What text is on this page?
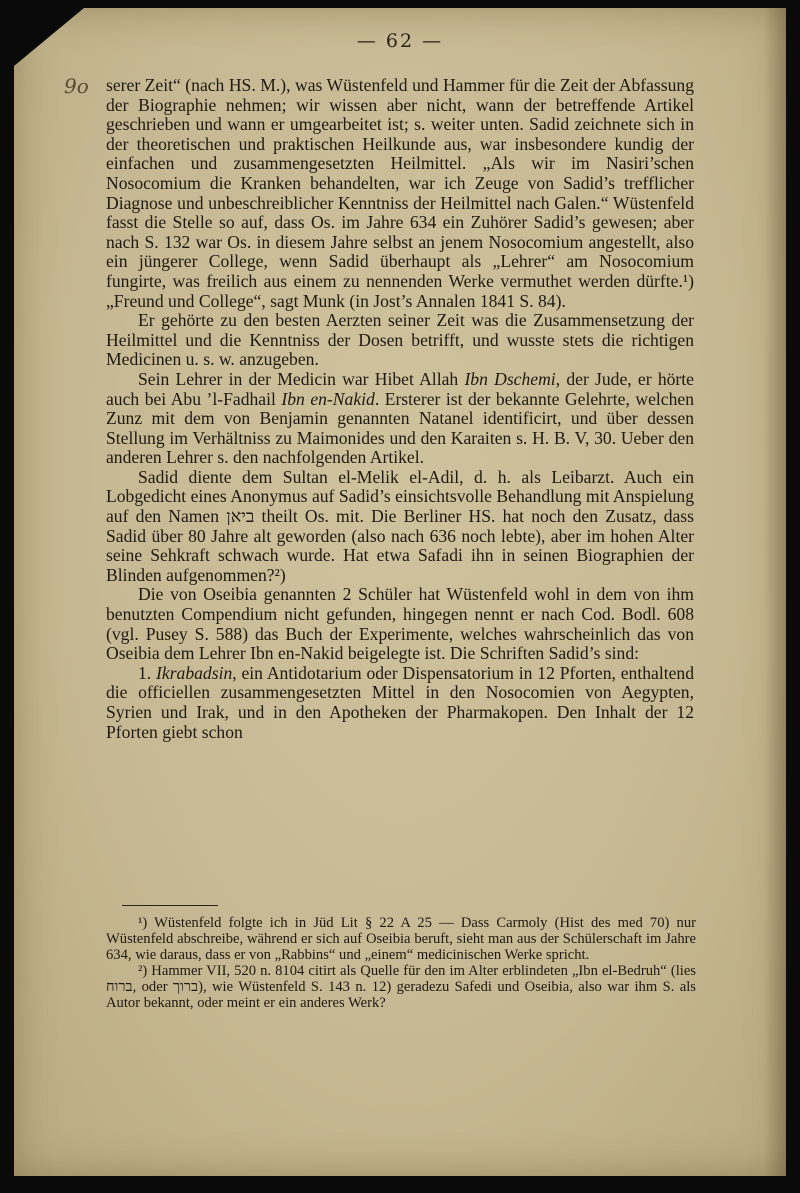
— 62 —
9o serer Zeit“ (nach HS. M.), was Wüstenfeld und Hammer für die Zeit der Abfassung der Biographie nehmen; wir wissen aber nicht, wann der betreffende Artikel geschrieben und wann er umgearbeitet ist; s. weiter unten. Sadid zeichnete sich in der theoretischen und praktischen Heilkunde aus, war insbesondere kundig der einfachen und zusammengesetzten Heilmittel. „Als wir im Nasiri’schen Nosocomium die Kranken behandelten, war ich Zeuge von Sadid’s trefflicher Diagnose und unbeschreiblicher Kenntniss der Heilmittel nach Galen.“ Wüstenfeld fasst die Stelle so auf, dass Os. im Jahre 634 ein Zuhörer Sadid’s gewesen; aber nach S. 132 war Os. in diesem Jahre selbst an jenem Nosocomium angestellt, also ein jüngerer College, wenn Sadid überhaupt als „Lehrer“ am Nosocomium fungirte, was freilich aus einem zu nennenden Werke vermuthet werden dürfte.¹) „Freund und College“, sagt Munk (in Jost’s Annalen 1841 S. 84).

Er gehörte zu den besten Aerzten seiner Zeit was die Zusammensetzung der Heilmittel und die Kenntniss der Dosen betrifft, und wusste stets die richtigen Medicinen u. s. w. anzugeben.

Sein Lehrer in der Medicin war Hibet Allah Ibn Dschemi, der Jude, er hörte auch bei Abu ’l-Fadhail Ibn en-Nakid. Ersterer ist der bekannte Gelehrte, welchen Zunz mit dem von Benjamin genannten Natanel identificirt, und über dessen Stellung im Verhältniss zu Maimonides und den Karaiten s. H. B. V, 30. Ueber den anderen Lehrer s. den nachfolgenden Artikel.

Sadid diente dem Sultan el-Melik el-Adil, d. h. als Leibarzt. Auch ein Lobgedicht eines Anonymus auf Sadid’s einsichtsvolle Behandlung mit Anspielung auf den Namen ביאן theilt Os. mit. Die Berliner HS. hat noch den Zusatz, dass Sadid über 80 Jahre alt geworden (also nach 636 noch lebte), aber im hohen Alter seine Sehkraft schwach wurde. Hat etwa Safadi ihn in seinen Biographien der Blinden aufgenommen?²)

Die von Oseibia genannten 2 Schüler hat Wüstenfeld wohl in dem von ihm benutzten Compendium nicht gefunden, hingegen nennt er nach Cod. Bodl. 608 (vgl. Pusey S. 588) das Buch der Experimente, welches wahrscheinlich das von Oseibia dem Lehrer Ibn en-Nakid beigelegte ist. Die Schriften Sadid’s sind:

1. Ikrabadsin, ein Antidotarium oder Dispensatorium in 12 Pforten, enthaltend die officiellen zusammengesetzten Mittel in den Nosocomien von Aegypten, Syrien und Irak, und in den Apotheken der Pharmakopen. Den Inhalt der 12 Pforten giebt schon

¹) Wüstenfeld folgte ich in Jüd Lit § 22 A 25 — Dass Carmoly (Hist des med 70) nur Wüstenfeld abschreibe, während er sich auf Oseibia beruft, sieht man aus der Schülerschaft im Jahre 634, wie daraus, dass er von „Rabbins“ und „einem“ medicinischen Werke spricht.

²) Hammer VII, 520 n. 8104 citirt als Quelle für den im Alter erblindeten „Ibn el-Bedruh“ (lies ברוח, oder ברוך), wie Wüstenfeld S. 143 n. 12) geradezu Safedi und Oseibia, also war ihm S. als Autor bekannt, oder meint er ein anderes Werk?
